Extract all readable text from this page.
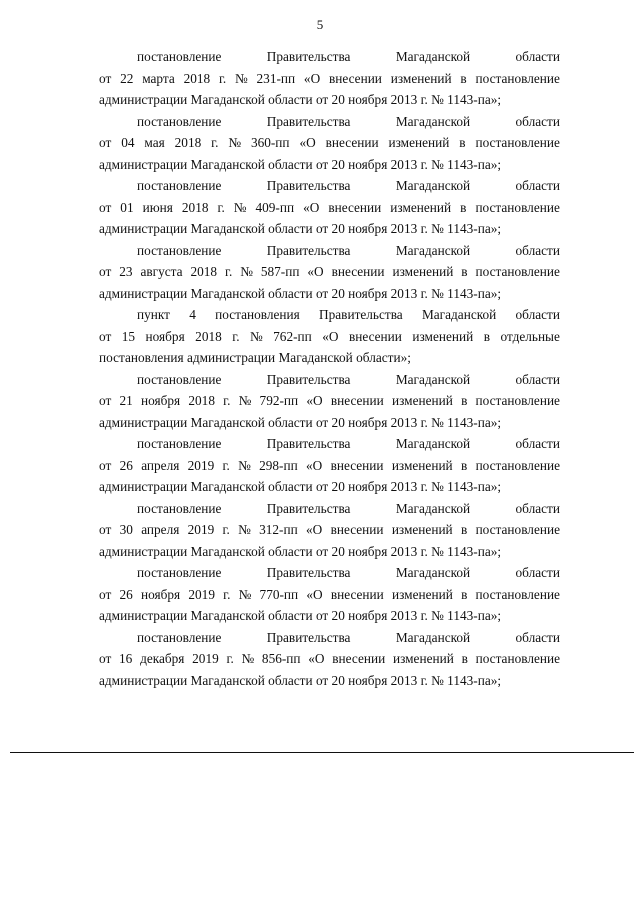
5

постановление	Правительства	Магаданской	области
от 22 марта 2018 г. № 231-пп «О внесении изменений в постановление
администрации Магаданской области от 20 ноября 2013 г. № 1143-па»;

постановление	Правительства	Магаданской	области
от 04 мая 2018 г. № 360-пп «О внесении изменений в постановление
администрации Магаданской области от 20 ноября 2013 г. № 1143-па»;

постановление	Правительства	Магаданской	области
от 01 июня 2018 г. № 409-пп «О внесении изменений в постановление
администрации Магаданской области от 20 ноября 2013 г. № 1143-па»;

постановление	Правительства	Магаданской	области
от 23 августа 2018 г. № 587-пп «О внесении изменений в постановление
администрации Магаданской области от 20 ноября 2013 г. № 1143-па»;

пункт 4 постановления Правительства Магаданской области
от 15 ноября 2018 г. № 762-пп «О внесении изменений в отдельные
постановления администрации Магаданской области»;

постановление	Правительства	Магаданской	области
от 21 ноября 2018 г. № 792-пп «О внесении изменений в постановление
администрации Магаданской области от 20 ноября 2013 г. № 1143-па»;

постановление	Правительства	Магаданской	области
от 26 апреля 2019 г. № 298-пп «О внесении изменений в постановление
администрации Магаданской области от 20 ноября 2013 г. № 1143-па»;

постановление	Правительства	Магаданской	области
от 30 апреля 2019 г. № 312-пп «О внесении изменений в постановление
администрации Магаданской области от 20 ноября 2013 г. № 1143-па»;

постановление	Правительства	Магаданской	области
от 26 ноября 2019 г. № 770-пп «О внесении изменений в постановление
администрации Магаданской области от 20 ноября 2013 г. № 1143-па»;

постановление	Правительства	Магаданской	области
от 16 декабря 2019 г. № 856-пп «О внесении изменений в постановление
администрации Магаданской области от 20 ноября 2013 г. № 1143-па»;
